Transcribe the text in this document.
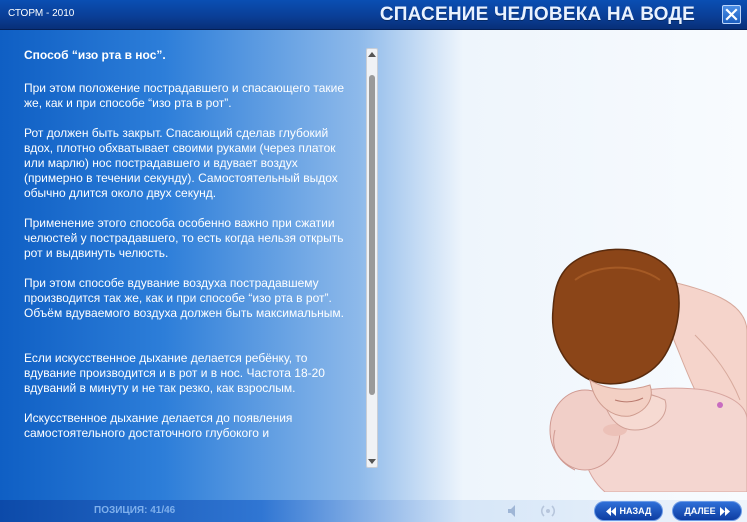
СТОРМ - 2010	СПАСЕНИЕ ЧЕЛОВЕКА НА ВОДЕ
Способ “изо рта в нос”.

При этом положение пострадавшего и спасающего такие же, как и при способе “изо рта в рот”.

Рот должен быть закрыт. Спасающий сделав глубокий вдох, плотно обхватывает своими руками (через платок или марлю) нос пострадавшего и вдувает воздух (примерно в течении секунду). Самостоятельный выдох обычно длится около двух секунд.

Применение этого способа особенно важно при сжатии челюстей у пострадавшего, то есть когда нельзя открыть рот и выдвинуть челюсть.

При этом способе вдувание воздуха пострадавшему производится так же, как и при способе “изо рта в рот”. Объём вдуваемого воздуха должен быть максимальным.

Если искусственное дыхание делается ребёнку, то вдувание производится и в рот и в нос. Частота 18-20 вдуваний в минуту и не так резко, как взрослым.

Искусственное дыхание делается до появления самостоятельного достаточного глубокого и

ПОЗИЦИЯ: 41/46	НАЗАД	ДАЛЕЕ
